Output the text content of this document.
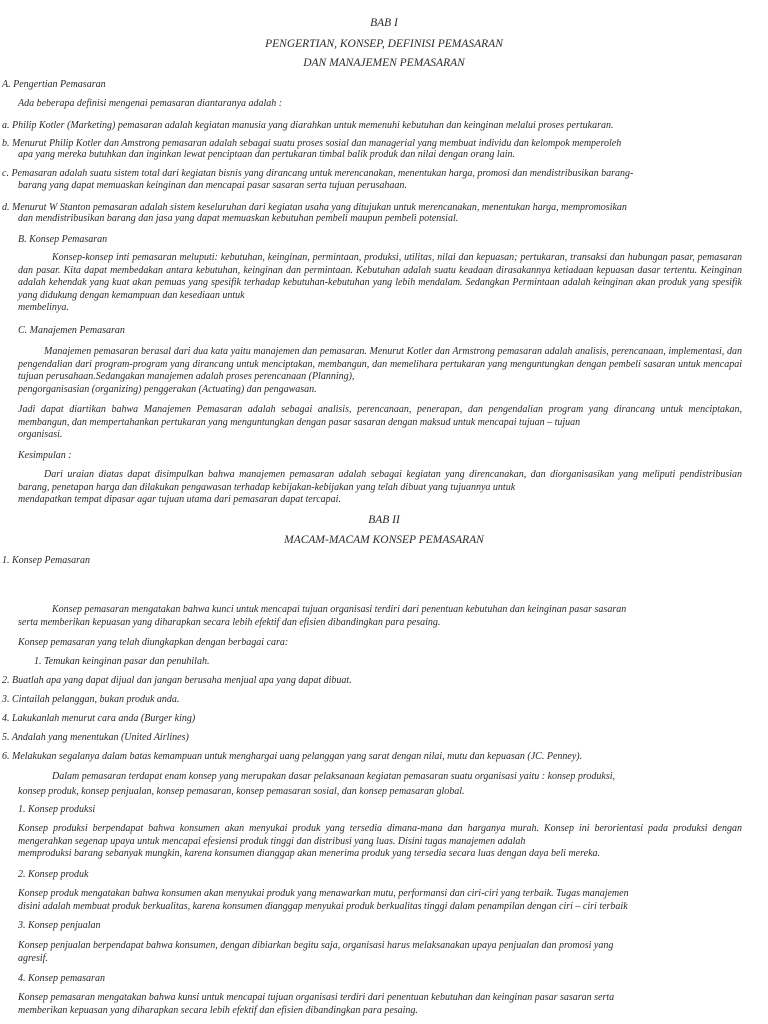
BAB I
PENGERTIAN, KONSEP, DEFINISI PEMASARAN
DAN MANAJEMEN PEMASARAN
A. Pengertian Pemasaran
Ada beberapa definisi mengenai pemasaran diantaranya adalah :
a. Philip Kotler (Marketing) pemasaran adalah kegiatan manusia yang diarahkan untuk memenuhi kebutuhan dan keinginan melalui proses pertukaran.
b. Menurut Philip Kotler dan Amstrong pemasaran adalah sebagai suatu proses sosial dan managerial yang membuat individu dan kelompok memperoleh
apa yang mereka butuhkan dan inginkan lewat penciptaan dan pertukaran timbal balik produk dan nilai dengan orang lain.
c. Pemasaran adalah suatu sistem total dari kegiatan bisnis yang dirancang untuk merencanakan, menentukan harga, promosi dan mendistribusikan barang-
barang yang dapat memuaskan keinginan dan mencapai pasar sasaran serta tujuan perusahaan.
d. Menurut W Stanton pemasaran adalah sistem keseluruhan dari kegiatan usaha yang ditujukan untuk merencanakan, menentukan harga, mempromosikan
dan mendistribusikan barang dan jasa yang dapat memuaskan kebutuhan pembeli maupun pembeli potensial.
B. Konsep Pemasaran
Konsep-konsep inti pemasaran meluputi: kebutuhan, keinginan, permintaan, produksi, utilitas, nilai dan kepuasan; pertukaran, transaksi dan hubungan pasar, pemasaran dan pasar. Kita dapat membedakan antara kebutuhan, keinginan dan permintaan. Kebutuhan adalah suatu keadaan dirasakannya ketiadaan kepuasan dasar tertentu. Keinginan adalah kehendak yang kuat akan pemuas yang spesifik terhadap kebutuhan-kebutuhan yang lebih mendalam. Sedangkan Permintaan adalah keinginan akan produk yang spesifik yang didukung dengan kemampuan dan kesediaan untuk
membelinya.
C. Manajemen Pemasaran
Manajemen pemasaran berasal dari dua kata yaitu manajemen dan pemasaran. Menurut Kotler dan Armstrong pemasaran adalah analisis, perencanaan, implementasi, dan pengendalian dari program-program yang dirancang untuk menciptakan, membangun, dan memelihara pertukaran yang menguntungkan dengan pembeli sasaran untuk mencapai tujuan perusahaan.Sedangakan manajemen adalah proses perencanaan (Planning),
pengorganisasian (organizing) penggerakan (Actuating) dan pengawasan.
Jadi dapat diartikan bahwa Manajemen Pemasaran adalah sebagai analisis, perencanaan, penerapan, dan pengendalian program yang dirancang untuk menciptakan, membangun, dan mempertahankan pertukaran yang menguntungkan dengan pasar sasaran dengan maksud untuk mencapai tujuan – tujuan
organisasi.
Kesimpulan :
Dari uraian diatas dapat disimpulkan bahwa manajemen pemasaran adalah sebagai kegiatan yang direncanakan, dan diorganisasikan yang meliputi pendistribusian barang, penetapan harga dan dilakukan pengawasan terhadap kebijakan-kebijakan yang telah dibuat yang tujuannya untuk
mendapatkan tempat dipasar agar tujuan utama dari pemasaran dapat tercapai.
BAB II
MACAM-MACAM KONSEP PEMASARAN
1. Konsep Pemasaran
Konsep pemasaran mengatakan bahwa kunci untuk mencapai tujuan organisasi terdiri dari penentuan kebutuhan dan keinginan pasar sasaran
serta memberikan kepuasan yang diharapkan secara lebih efektif dan efisien dibandingkan para pesaing.
Konsep pemasaran yang telah diungkapkan dengan berbagai cara:
1. Temukan keinginan pasar dan penuhilah.
2. Buatlah apa yang dapat dijual dan jangan berusaha menjual apa yang dapat dibuat.
3. Cintailah pelanggan, bukan produk anda.
4. Lakukanlah menurut cara anda (Burger king)
5. Andalah yang menentukan (United Airlines)
6. Melakukan segalanya dalam batas kemampuan untuk menghargai uang pelanggan yang sarat dengan nilai, mutu dan kepuasan (JC. Penney).
Dalam pemasaran terdapat enam konsep yang merupakan dasar pelaksanaan kegiatan pemasaran suatu organisasi yaitu : konsep produksi,
konsep produk, konsep penjualan, konsep pemasaran, konsep pemasaran sosial, dan konsep pemasaran global.
1. Konsep produksi
Konsep produksi berpendapat bahwa konsumen akan menyukai produk yang tersedia dimana-mana dan harganya murah. Konsep ini berorientasi pada produksi dengan mengerahkan segenap upaya untuk mencapai efesiensi produk tinggi dan distribusi yang luas. Disini tugas manajemen adalah
memproduksi barang sebanyak mungkin, karena konsumen dianggap akan menerima produk yang tersedia secara luas dengan daya beli mereka.
2. Konsep produk
Konsep produk mengatakan bahwa konsumen akan menyukai produk yang menawarkan mutu, performansi dan ciri-ciri yang terbaik. Tugas manajemen
disini adalah membuat produk berkualitas, karena konsumen dianggap menyukai produk berkualitas tinggi dalam penampilan dengan ciri – ciri terbaik
3. Konsep penjualan
Konsep penjualan berpendapat bahwa konsumen, dengan dibiarkan begitu saja, organisasi harus melaksanakan upaya penjualan dan promosi yang
agresif.
4. Konsep pemasaran
Konsep pemasaran mengatakan bahwa kunsi untuk mencapai tujuan organisasi terdiri dari penentuan kebutuhan dan keinginan pasar sasaran serta
memberikan kepuasan yang diharapkan secara lebih efektif dan efisien dibandingkan para pesaing.
